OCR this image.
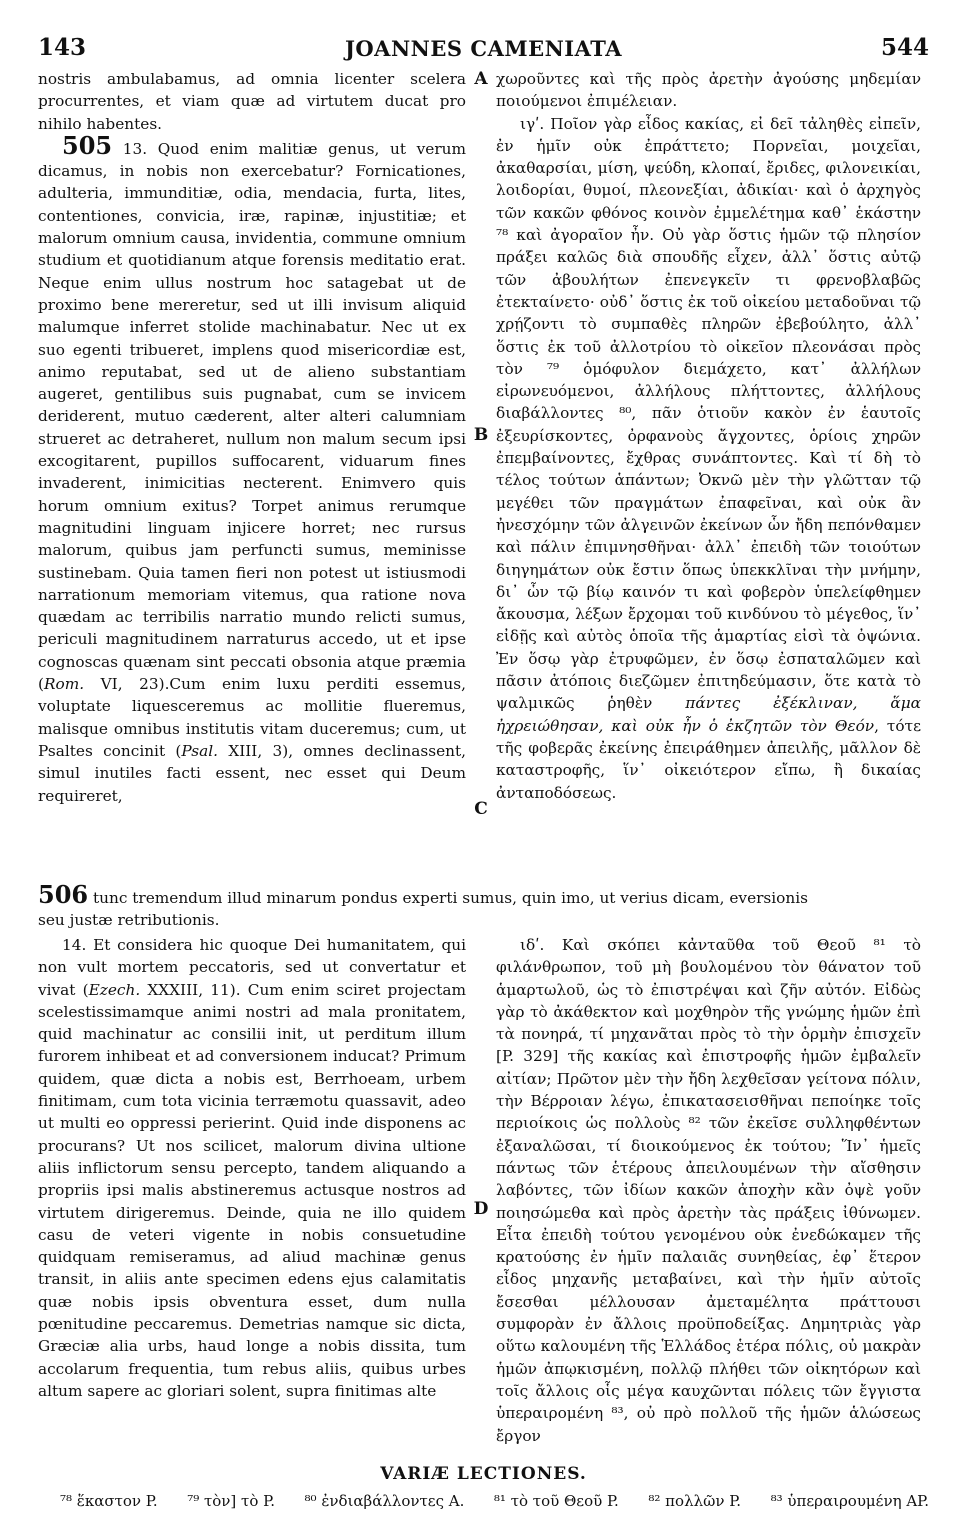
143	JOANNES CAMENIATA	544
A
B
C
D

nostris ambulabamus, ad omnia licenter scelera procurrentes, et viam quæ ad virtutem ducat pro nihilo habentes.

505 13. Quod enim malitiæ genus, ut verum dicamus, in nobis non exercebatur? Fornicationes, adulteria, immunditiæ, odia, mendacia, furta, lites, contentiones, convicia, iræ, rapinæ, injustitiæ; et malorum omnium causa, invidentia, commune omnium studium et quotidianum atque forensis meditatio erat. Neque enim ullus nostrum hoc satagebat ut de proximo bene mereretur, sed ut illi invisum aliquid malumque inferret stolide machinabatur. Nec ut ex suo egenti tribueret, implens quod misericordiæ est, animo reputabat, sed ut de alieno substantiam augeret, gentilibus suis pugnabat, cum se invicem deriderent, mutuo cæderent, alter alteri calumniam strueret ac detraheret, nullum non malum secum ipsi excogitarent, pupillos suffocarent, viduarum fines invaderent, inimicitias necterent. Enimvero quis horum omnium exitus? Torpet animus rerumque magnitudini linguam injicere horret; nec rursus malorum, quibus jam perfuncti sumus, meminisse sustinebam. Quia tamen fieri non potest ut istiusmodi narrationum memoriam vitemus, qua ratione nova quædam ac terribilis narratio mundo relicti sumus, periculi magnitudinem narraturus accedo, ut et ipse cognoscas quænam sint peccati obsonia atque præmia (Rom. VI, 23).Cum enim luxu perditi essemus, voluptate liquesceremus ac mollitie flueremus, malisque omnibus institutis vitam duceremus; cum, ut Psaltes concinit (Psal. XIII, 3), omnes declinassent, simul inutiles facti essent, nec esset qui Deum requireret,

χωροῦντες καὶ τῆς πρὸς ἀρετὴν ἀγούσης μηδεμίαν ποιούμενοι ἐπιμέλειαν.

ιγʹ. Ποῖον γὰρ εἶδος κακίας, εἰ δεῖ τἀληθὲς εἰπεῖν, ἐν ἡμῖν οὐκ ἐπράττετο; Πορνεῖαι, μοιχεῖαι, ἀκαθαρσίαι, μίση, ψεύδη, κλοπαί, ἔριδες, φιλονεικίαι, λοιδορίαι, θυμοί, πλεονεξίαι, ἀδικίαι· καὶ ὁ ἀρχηγὸς τῶν κακῶν φθόνος κοινὸν ἐμμελέτημα καθ᾽ ἑκάστην ⁷⁸ καὶ ἀγοραῖον ἦν. Οὐ γὰρ ὅστις ἡμῶν τῷ πλησίον πράξει καλῶς διὰ σπουδῆς εἶχεν, ἀλλ᾽ ὅστις αὐτῷ τῶν ἀβουλήτων ἐπενεγκεῖν τι φρενοβλαβῶς ἐτεκταίνετο· οὐδ᾽ ὅστις ἐκ τοῦ οἰκείου μεταδοῦναι τῷ χρῄζοντι τὸ συμπαθὲς πληρῶν ἐβεβούλητο, ἀλλ᾽ ὅστις ἐκ τοῦ ἀλλοτρίου τὸ οἰκεῖον πλεονάσαι πρὸς τὸν ⁷⁹ ὁμόφυλον διεμάχετο, κατ᾽ ἀλλήλων εἰρωνευόμενοι, ἀλλήλους πλήττοντες, ἀλλήλους διαβάλλοντες ⁸⁰, πᾶν ὁτιοῦν κακὸν ἐν ἑαυτοῖς ἐξευρίσκοντες, ὀρφανοὺς ἄγχοντες, ὁρίοις χηρῶν ἐπεμβαίνοντες, ἔχθρας συνάπτοντες. Καὶ τί δὴ τὸ τέλος τούτων ἁπάντων; Ὀκνῶ μὲν τὴν γλῶτταν τῷ μεγέθει τῶν πραγμάτων ἐπαφεῖναι, καὶ οὐκ ἂν ἠνεσχόμην τῶν ἀλγεινῶν ἐκείνων ὧν ἤδη πεπόνθαμεν καὶ πάλιν ἐπιμνησθῆναι· ἀλλ᾽ ἐπειδὴ τῶν τοιούτων διηγημάτων οὐκ ἔστιν ὅπως ὑπεκκλῖναι τὴν μνήμην, δι᾽ ὧν τῷ βίῳ καινόν τι καὶ φοβερὸν ὑπελείφθημεν ἄκουσμα, λέξων ἔρχομαι τοῦ κινδύνου τὸ μέγεθος, ἵν᾽ εἰδῇς καὶ αὐτὸς ὁποῖα τῆς ἁμαρτίας εἰσὶ τὰ ὀψώνια. Ἐν ὅσῳ γὰρ ἐτρυφῶμεν, ἐν ὅσῳ ἐσπαταλῶμεν καὶ πᾶσιν ἀτόποις διεζῶμεν ἐπιτηδεύμασιν, ὅτε κατὰ τὸ ψαλμικῶς ῥηθὲν πάντες ἐξέκλιναν, ἅμα ἠχρειώθησαν, καὶ οὐκ ἦν ὁ ἐκζητῶν τὸν Θεόν, τότε τῆς φοβερᾶς ἐκείνης ἐπειράθημεν ἀπειλῆς, μᾶλλον δὲ καταστροφῆς, ἵν᾽ οἰκειότερον εἴπω, ἢ δικαίας ἀνταποδόσεως.

506 tunc tremendum illud minarum pondus experti sumus, quin imo, ut verius dicam, eversionis
seu justæ retributionis.

14. Et considera hic quoque Dei humanitatem, qui non vult mortem peccatoris, sed ut convertatur et vivat (Ezech. XXXIII, 11). Cum enim sciret projectam scelestissimamque animi nostri ad mala pronitatem, quid machinatur ac consilii init, ut perditum illum furorem inhibeat et ad conversionem inducat? Primum quidem, quæ dicta a nobis est, Berrhoeam, urbem finitimam, cum tota vicinia terræmotu quassavit, adeo ut multi eo oppressi perierint. Quid inde disponens ac procurans? Ut nos scilicet, malorum divina ultione aliis inflictorum sensu percepto, tandem aliquando a propriis ipsi malis abstineremus actusque nostros ad virtutem dirigeremus. Deinde, quia ne illo quidem casu de veteri vigente in nobis consuetudine quidquam remiseramus, ad aliud machinæ genus transit, in aliis ante specimen edens ejus calamitatis quæ nobis ipsis obventura esset, dum nulla pœnitudine peccaremus. Demetrias namque sic dicta, Græciæ alia urbs, haud longe a nobis dissita, tum accolarum frequentia, tum rebus aliis, quibus urbes altum sapere ac gloriari solent, supra finitimas alte

ιδʹ. Καὶ σκόπει κἀνταῦθα τοῦ Θεοῦ ⁸¹ τὸ φιλάνθρωπον, τοῦ μὴ βουλομένου τὸν θάνατον τοῦ ἁμαρτωλοῦ, ὡς τὸ ἐπιστρέψαι καὶ ζῆν αὐτόν. Εἰδὼς γὰρ τὸ ἀκάθεκτον καὶ μοχθηρὸν τῆς γνώμης ἡμῶν ἐπὶ τὰ πονηρά, τί μηχανᾶται πρὸς τὸ τὴν ὁρμὴν ἐπισχεῖν [P. 329] τῆς κακίας καὶ ἐπιστροφῆς ἡμῶν ἐμβαλεῖν αἰτίαν; Πρῶτον μὲν τὴν ἤδη λεχθεῖσαν γείτονα πόλιν, τὴν Βέρροιαν λέγω, ἐπικατασεισθῆναι πεποίηκε τοῖς περιοίκοις ὡς πολλοὺς ⁸² τῶν ἐκεῖσε συλληφθέντων ἐξαναλῶσαι, τί διοικούμενος ἐκ τούτου; Ἵν᾽ ἡμεῖς πάντως τῶν ἑτέρους ἀπειλουμένων τὴν αἴσθησιν λαβόντες, τῶν ἰδίων κακῶν ἀποχὴν κἂν ὀψὲ γοῦν ποιησώμεθα καὶ πρὸς ἀρετὴν τὰς πράξεις ἰθύνωμεν. Εἶτα ἐπειδὴ τούτου γενομένου οὐκ ἐνεδώκαμεν τῆς κρατούσης ἐν ἡμῖν παλαιᾶς συνηθείας, ἐφ᾽ ἕτερον εἶδος μηχανῆς μεταβαίνει, καὶ τὴν ἡμῖν αὐτοῖς ἔσεσθαι μέλλουσαν ἀμεταμέλητα πράττουσι συμφορὰν ἐν ἄλλοις προϋποδείξας. Δημητριὰς γὰρ οὕτω καλουμένη τῆς Ἑλλάδος ἑτέρα πόλις, οὐ μακρὰν ἡμῶν ἀπῳκισμένη, πολλῷ πλήθει τῶν οἰκητόρων καὶ τοῖς ἄλλοις οἷς μέγα καυχῶνται πόλεις τῶν ἔγγιστα ὑπεραιρομένη ⁸³, οὐ πρὸ πολλοῦ τῆς ἡμῶν ἁλώσεως ἔργον

VARIÆ LECTIONES.
⁷⁸ ἕκαστον P. ⁷⁹ τὸν] τὸ P. ⁸⁰ ἐνδιαβάλλοντες A. ⁸¹ τὸ τοῦ Θεοῦ P. ⁸² πολλῶν P. ⁸³ ὑπεραιρουμένη AP.
